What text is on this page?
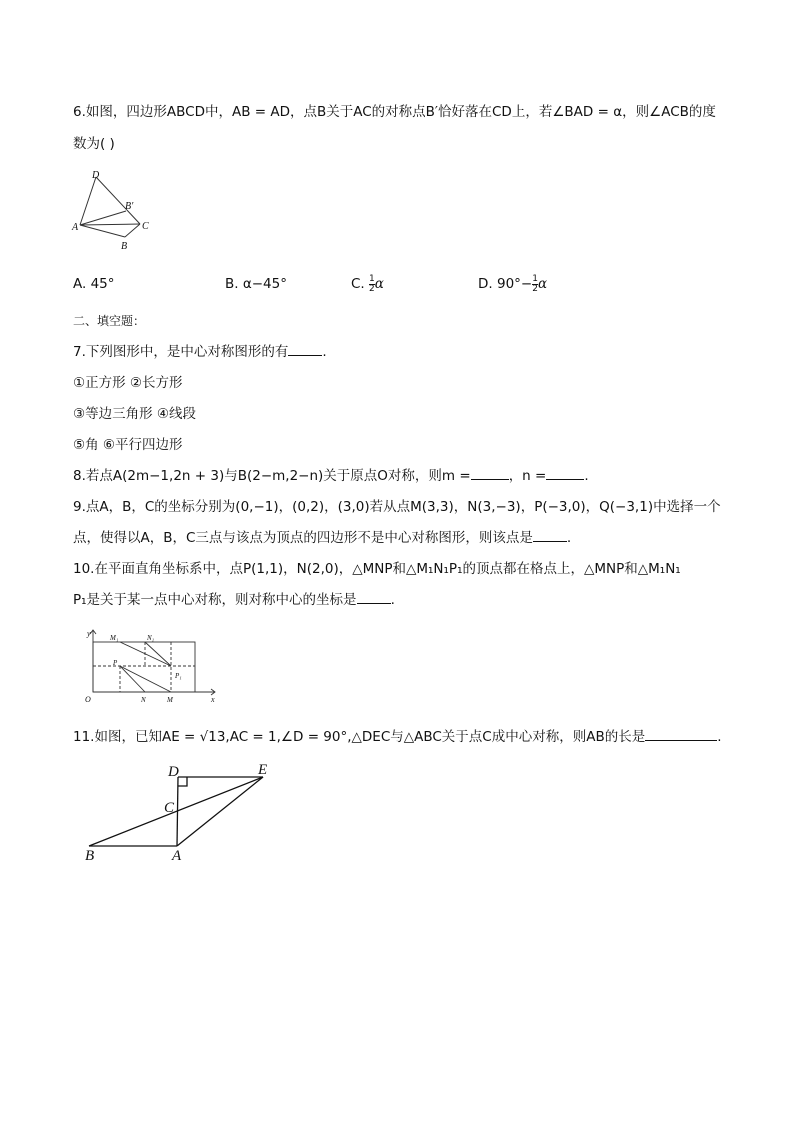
6.如图，四边形ABCD中，AB = AD，点B关于AC的对称点B′恰好落在CD上，若∠BAD = α，则∠ACB的度
数为( )
D
B′
A	C
B
A. 45°	B. α−45°	C. $\frac{1}{2}$ α	D. $90^\circ- \frac{1}{2}$ α
二、填空题：
7.下列图形中，是中心对称图形的有	.
①正方形 ②长方形
③等边三角形 ④线段
⑤角 ⑥平行四边形
8.若点A(2m−1,2n + 3)与B(2−m,2−n)关于原点O对称，则m =	，n =	.
9.点A，B，C的坐标分别为(0,−1)，(0,2)，(3,0)若从点M(3,3)，N(3,−3)，P(−3,0)，Q(−3,1)中选择一个
点，使得以A，B，C三点与该点为顶点的四边形不是中心对称图形，则该点是	.
10.在平面直角坐标系中，点P(1,1)，N(2,0)，△MNP和△M₁N₁P₁的顶点都在格点上，△MNP和△M₁N₁
P₁是关于某一点中心对称，则对称中心的坐标是	.
y
x
O
M₁	N₁
P
P₁
N	M
11.如图，已知AE = √13,AC = 1,∠D = 90°,△DEC与△ABC关于点C成中心对称，则AB的长是	.
D	E
C
B	A
